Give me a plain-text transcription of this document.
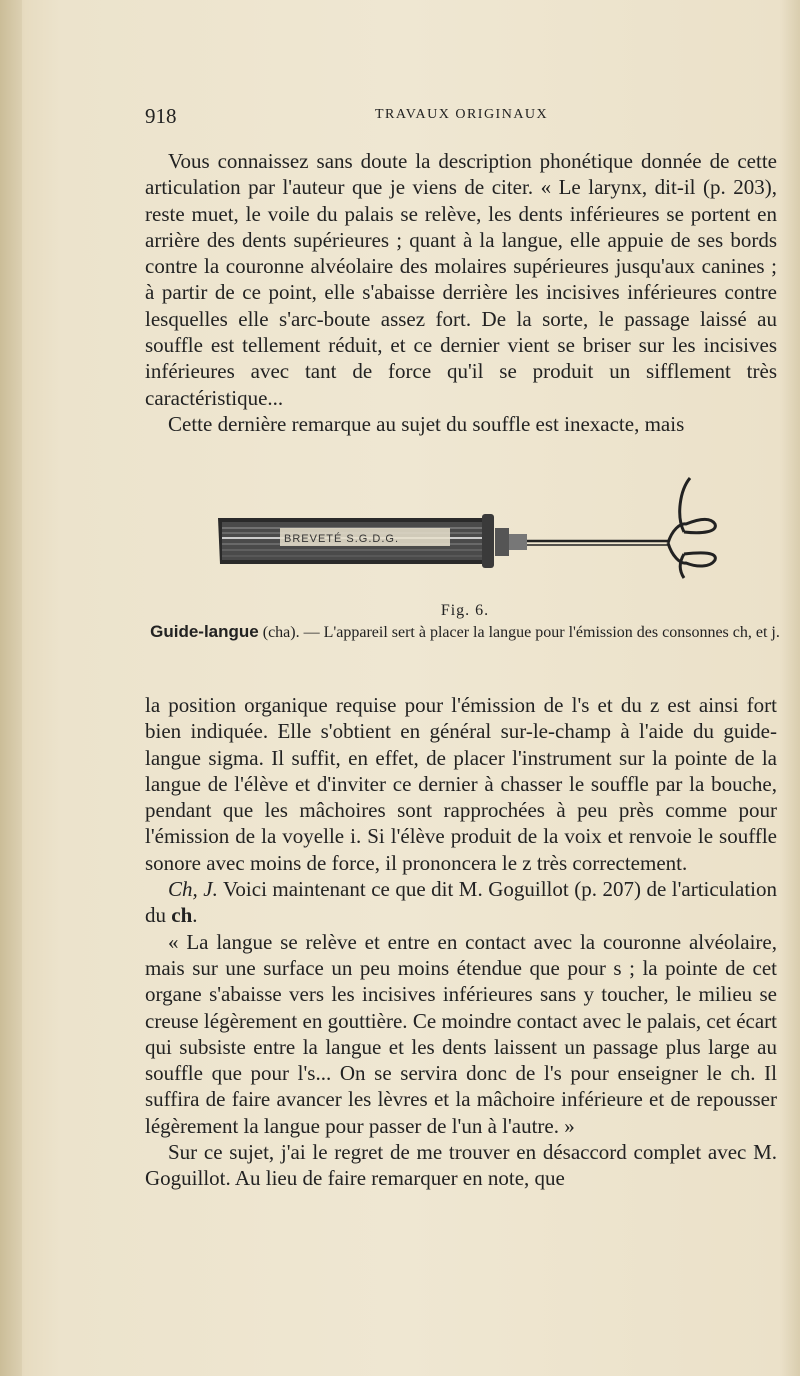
918	TRAVAUX ORIGINAUX

Vous connaissez sans doute la description phonétique donnée de cette articulation par l'auteur que je viens de citer. « Le larynx, dit-il (p. 203), reste muet, le voile du palais se relève, les dents inférieures se portent en arrière des dents supérieures ; quant à la langue, elle appuie de ses bords contre la couronne alvéolaire des molaires supérieures jusqu'aux canines ; à partir de ce point, elle s'abaisse derrière les incisives inférieures contre lesquelles elle s'arc-boute assez fort. De la sorte, le passage laissé au souffle est tellement réduit, et ce dernier vient se briser sur les incisives inférieures avec tant de force qu'il se produit un sifflement très caractéristique...

Cette dernière remarque au sujet du souffle est inexacte, mais

BREVETÉ S.G.D.G.
Fig. 6.
Guide-langue (cha). — L'appareil sert à placer la langue pour l'émission des consonnes ch, et j.

la position organique requise pour l'émission de l's et du z est ainsi fort bien indiquée. Elle s'obtient en général sur-le-champ à l'aide du guide-langue sigma. Il suffit, en effet, de placer l'instrument sur la pointe de la langue de l'élève et d'inviter ce dernier à chasser le souffle par la bouche, pendant que les mâchoires sont rapprochées à peu près comme pour l'émission de la voyelle i. Si l'élève produit de la voix et renvoie le souffle sonore avec moins de force, il prononcera le z très correctement.

Ch, J. Voici maintenant ce que dit M. Goguillot (p. 207) de l'articulation du ch.

« La langue se relève et entre en contact avec la couronne alvéolaire, mais sur une surface un peu moins étendue que pour s ; la pointe de cet organe s'abaisse vers les incisives inférieures sans y toucher, le milieu se creuse légèrement en gouttière. Ce moindre contact avec le palais, cet écart qui subsiste entre la langue et les dents laissent un passage plus large au souffle que pour l's... On se servira donc de l's pour enseigner le ch. Il suffira de faire avancer les lèvres et la mâchoire inférieure et de repousser légèrement la langue pour passer de l'un à l'autre. »

Sur ce sujet, j'ai le regret de me trouver en désaccord complet avec M. Goguillot. Au lieu de faire remarquer en note, que
